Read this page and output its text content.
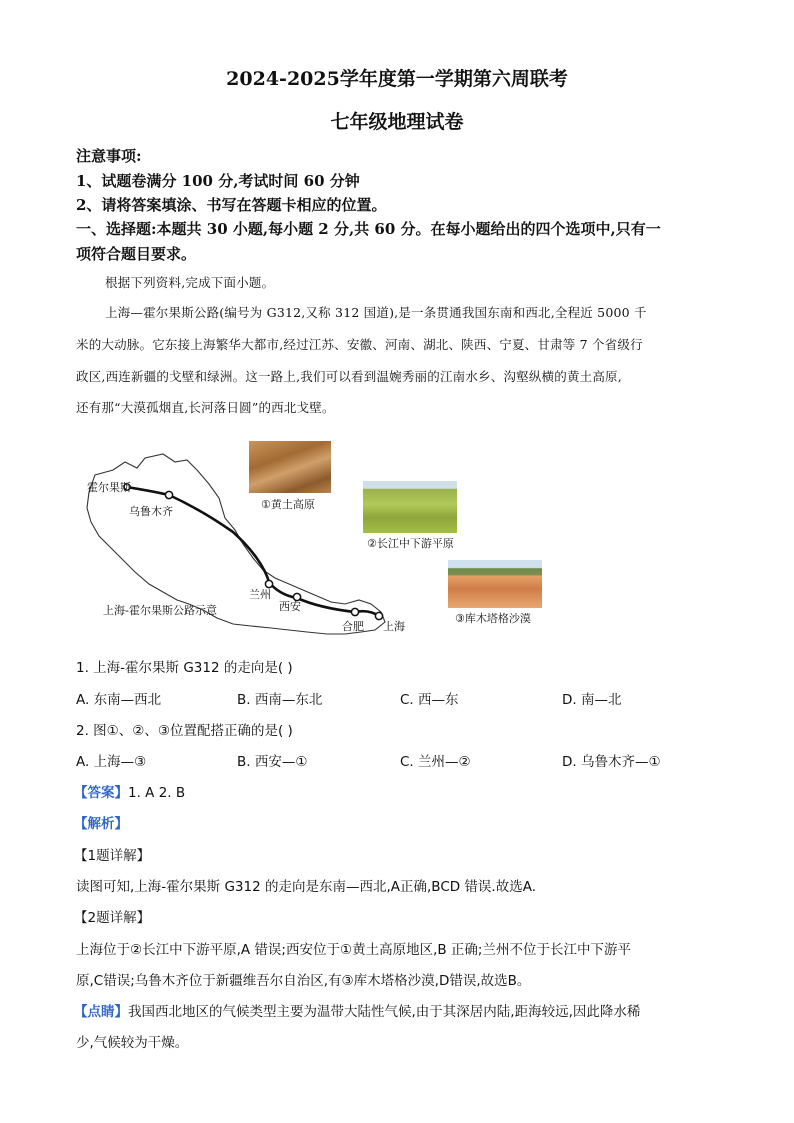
2024-2025学年度第一学期第六周联考
七年级地理试卷
注意事项:
1、试题卷满分 100 分,考试时间 60 分钟
2、请将答案填涂、书写在答题卡相应的位置。
一、选择题:本题共 30 小题,每小题 2 分,共 60 分。在每小题给出的四个选项中,只有一
项符合题目要求。
根据下列资料,完成下面小题。
上海—霍尔果斯公路(编号为 G312,又称 312 国道),是一条贯通我国东南和西北,全程近 5000 千
米的大动脉。它东接上海繁华大都市,经过江苏、安徽、河南、湖北、陕西、宁夏、甘肃等 7 个省级行
政区,西连新疆的戈壁和绿洲。这一路上,我们可以看到温婉秀丽的江南水乡、沟壑纵横的黄土高原,
还有那“大漠孤烟直,长河落日圆”的西北戈壁。
霍尔果斯
乌鲁木齐
兰州
西安
合肥 上海
上海-霍尔果斯公路示意
①黄土高原
②长江中下游平原
③库木塔格沙漠
1. 上海-霍尔果斯 G312 的走向是( )
A. 东南—西北	B. 西南—东北	C. 西—东	D. 南—北
2. 图①、②、③位置配搭正确的是( )
A. 上海—③	B. 西安—①	C. 兰州—②	D. 乌鲁木齐—①
【答案】1. A 2. B
【解析】
【1题详解】
读图可知,上海-霍尔果斯 G312 的走向是东南—西北,A正确,BCD 错误.故选A.
【2题详解】
上海位于②长江中下游平原,A 错误;西安位于①黄土高原地区,B 正确;兰州不位于长江中下游平
原,C错误;乌鲁木齐位于新疆维吾尔自治区,有③库木塔格沙漠,D错误,故选B。
【点睛】我国西北地区的气候类型主要为温带大陆性气候,由于其深居内陆,距海较远,因此降水稀
少,气候较为干燥。
